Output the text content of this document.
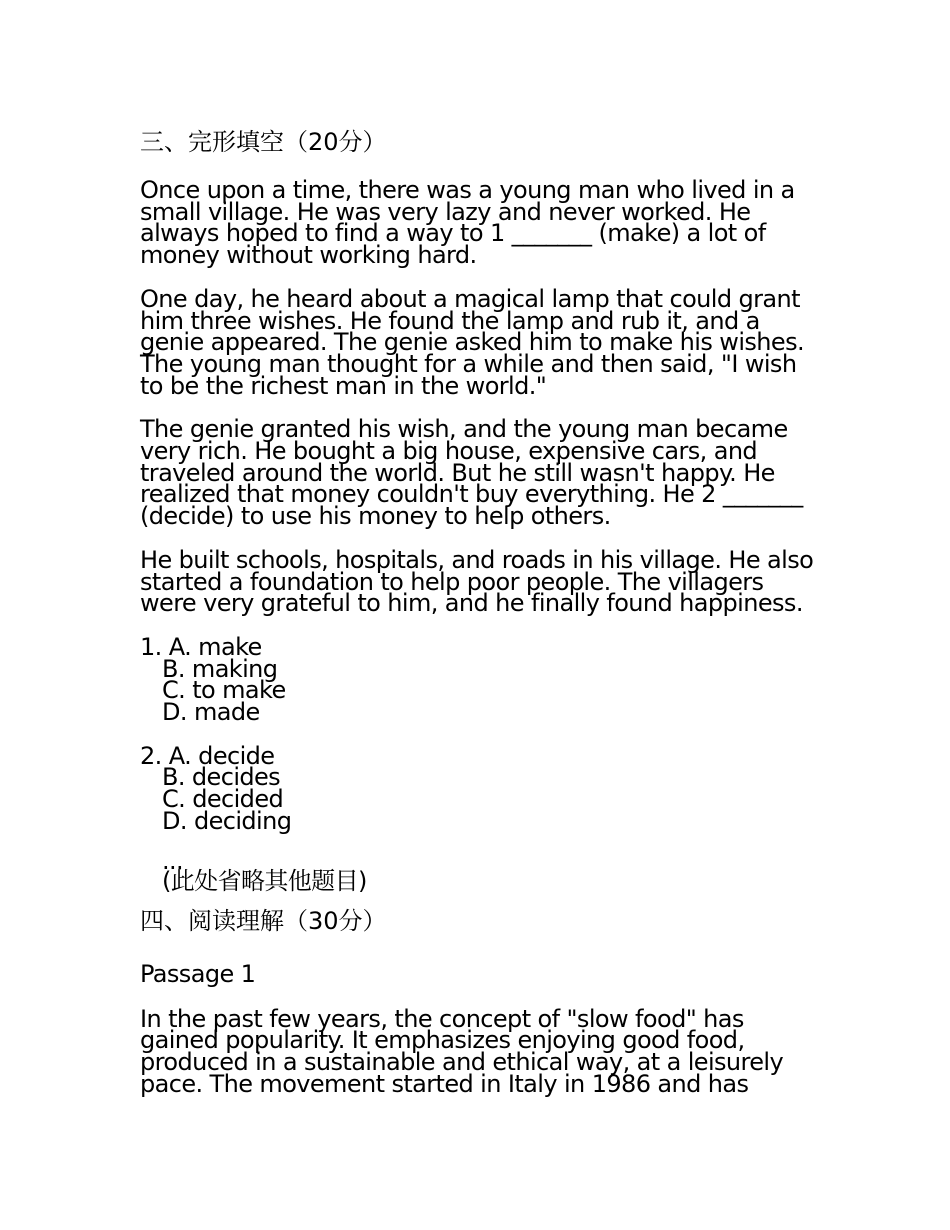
三、完形填空（20分）

Once upon a time, there was a young man who lived in a small village. He was very lazy and never worked. He always hoped to find a way to 1 _______ (make) a lot of money without working hard.

One day, he heard about a magical lamp that could grant him three wishes. He found the lamp and rub it, and a genie appeared. The genie asked him to make his wishes. The young man thought for a while and then said, "I wish to be the richest man in the world."

The genie granted his wish, and the young man became very rich. He bought a big house, expensive cars, and traveled around the world. But he still wasn't happy. He realized that money couldn't buy everything. He 2 _______ (decide) to use his money to help others.

He built schools, hospitals, and roads in his village. He also started a foundation to help poor people. The villagers were very grateful to him, and he finally found happiness.

1. A. make
B. making
C. to make
D. made
2. A. decide
B. decides
C. decided
D. deciding
...
(此处省略其他题目)
四、阅读理解（30分）
Passage 1

In the past few years, the concept of "slow food" has gained popularity. It emphasizes enjoying good food, produced in a sustainable and ethical way, at a leisurely pace. The movement started in Italy in 1986 and has
